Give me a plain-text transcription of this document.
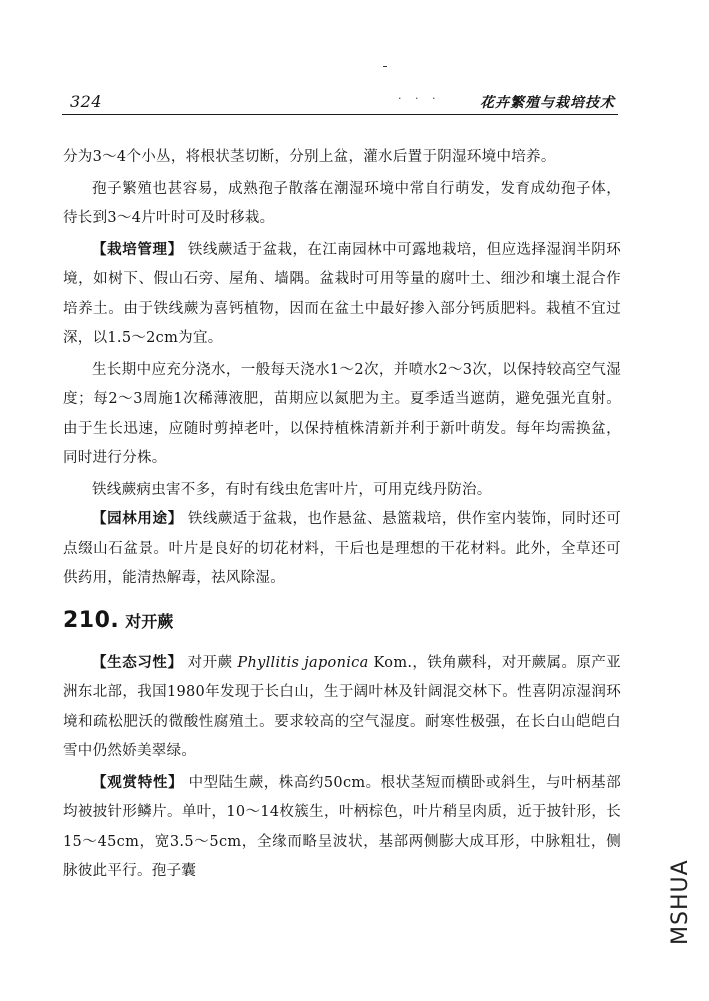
324	· · ·	花卉繁殖与栽培技术

分为3～4个小丛，将根状茎切断，分别上盆，灌水后置于阴湿环境中培养。

孢子繁殖也甚容易，成熟孢子散落在潮湿环境中常自行萌发，发育成幼孢子体，待长到3～4片叶时可及时移栽。

【栽培管理】 铁线蕨适于盆栽，在江南园林中可露地栽培，但应选择湿润半阴环境，如树下、假山石旁、屋角、墙隅。盆栽时可用等量的腐叶土、细沙和壤土混合作培养土。由于铁线蕨为喜钙植物，因而在盆土中最好掺入部分钙质肥料。栽植不宜过深，以1.5～2cm为宜。

生长期中应充分浇水，一般每天浇水1～2次，并喷水2～3次，以保持较高空气湿度；每2～3周施1次稀薄液肥，苗期应以氮肥为主。夏季适当遮荫，避免强光直射。由于生长迅速，应随时剪掉老叶，以保持植株清新并利于新叶萌发。每年均需换盆，同时进行分株。

铁线蕨病虫害不多，有时有线虫危害叶片，可用克线丹防治。

【园林用途】 铁线蕨适于盆栽，也作悬盆、悬篮栽培，供作室内装饰，同时还可点缀山石盆景。叶片是良好的切花材料，干后也是理想的干花材料。此外，全草还可供药用，能清热解毒，祛风除湿。

210. 对开蕨

【生态习性】 对开蕨 Phyllitis japonica Kom.，铁角蕨科，对开蕨属。原产亚洲东北部，我国1980年发现于长白山，生于阔叶林及针阔混交林下。性喜阴凉湿润环境和疏松肥沃的微酸性腐殖土。要求较高的空气湿度。耐寒性极强，在长白山皑皑白雪中仍然娇美翠绿。

【观赏特性】 中型陆生蕨，株高约50cm。根状茎短而横卧或斜生，与叶柄基部均被披针形鳞片。单叶，10～14枚簇生，叶柄棕色，叶片稍呈肉质，近于披针形，长15～45cm，宽3.5～5cm，全缘而略呈波状，基部两侧膨大成耳形，中脉粗壮，侧脉彼此平行。孢子囊	MSHUA
